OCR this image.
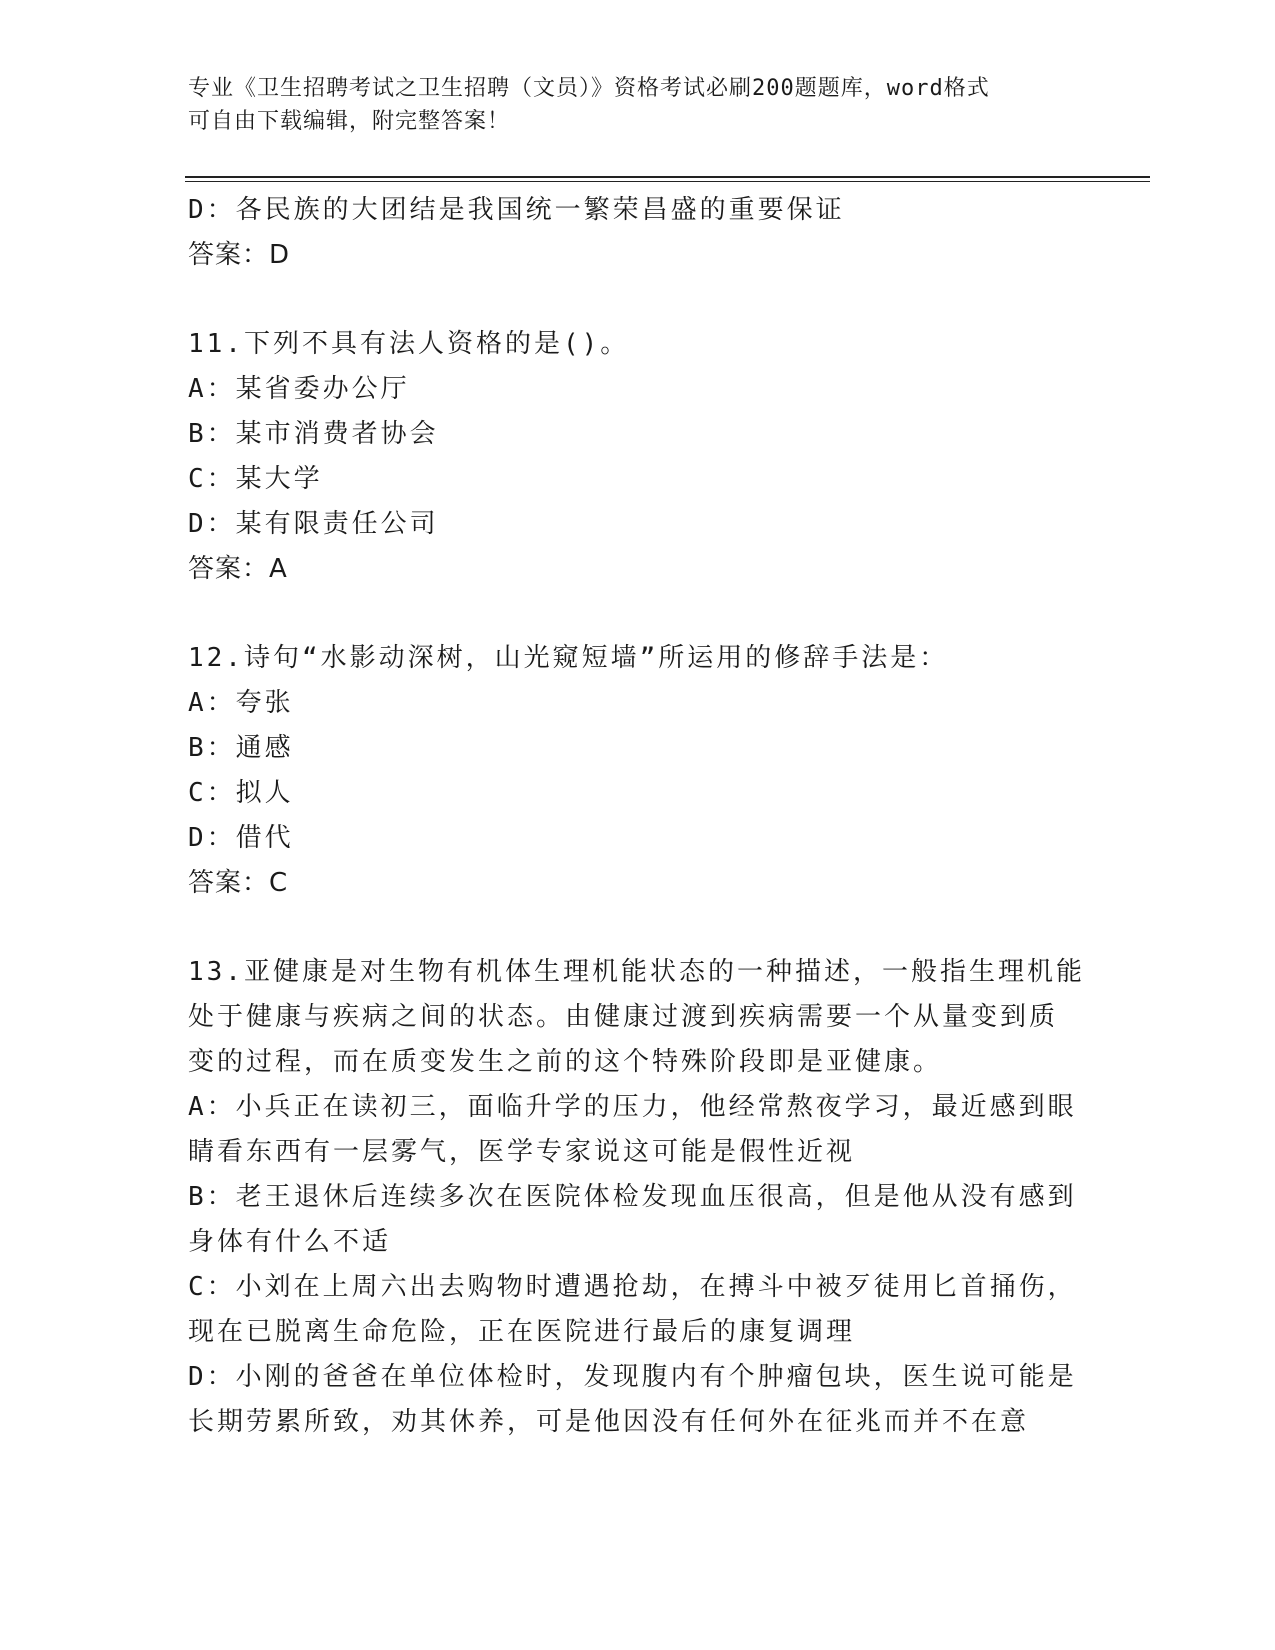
专业《卫生招聘考试之卫生招聘（文员）》资格考试必刷200题题库，word格式
可自由下载编辑，附完整答案！
D：各民族的大团结是我国统一繁荣昌盛的重要保证
答案：D
11.下列不具有法人资格的是()。
A：某省委办公厅
B：某市消费者协会
C：某大学
D：某有限责任公司
答案：A
12.诗句“水影动深树，山光窥短墙”所运用的修辞手法是：
A：夸张
B：通感
C：拟人
D：借代
答案：C
13.亚健康是对生物有机体生理机能状态的一种描述，一般指生理机能
处于健康与疾病之间的状态。由健康过渡到疾病需要一个从量变到质
变的过程，而在质变发生之前的这个特殊阶段即是亚健康。
A：小兵正在读初三，面临升学的压力，他经常熬夜学习，最近感到眼
睛看东西有一层雾气，医学专家说这可能是假性近视
B：老王退休后连续多次在医院体检发现血压很高，但是他从没有感到
身体有什么不适
C：小刘在上周六出去购物时遭遇抢劫，在搏斗中被歹徒用匕首捅伤，
现在已脱离生命危险，正在医院进行最后的康复调理
D：小刚的爸爸在单位体检时，发现腹内有个肿瘤包块，医生说可能是
长期劳累所致，劝其休养，可是他因没有任何外在征兆而并不在意
